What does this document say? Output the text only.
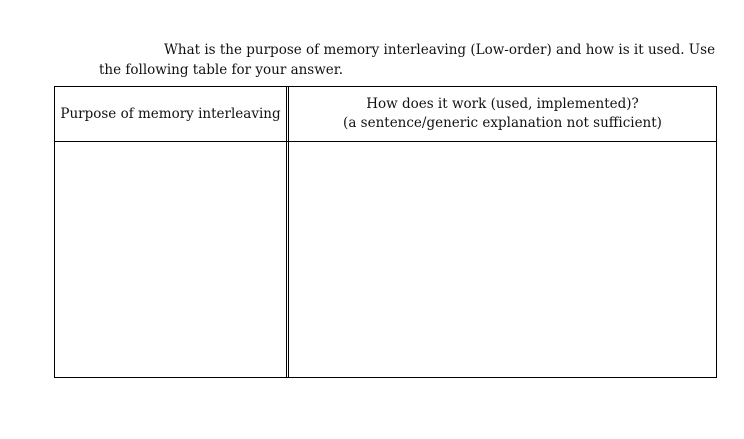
What is the purpose of memory interleaving (Low-order) and how is it used. Use the following table for your answer.

Purpose of memory interleaving
How does it work (used, implemented)?
(a sentence/generic explanation not sufficient)
